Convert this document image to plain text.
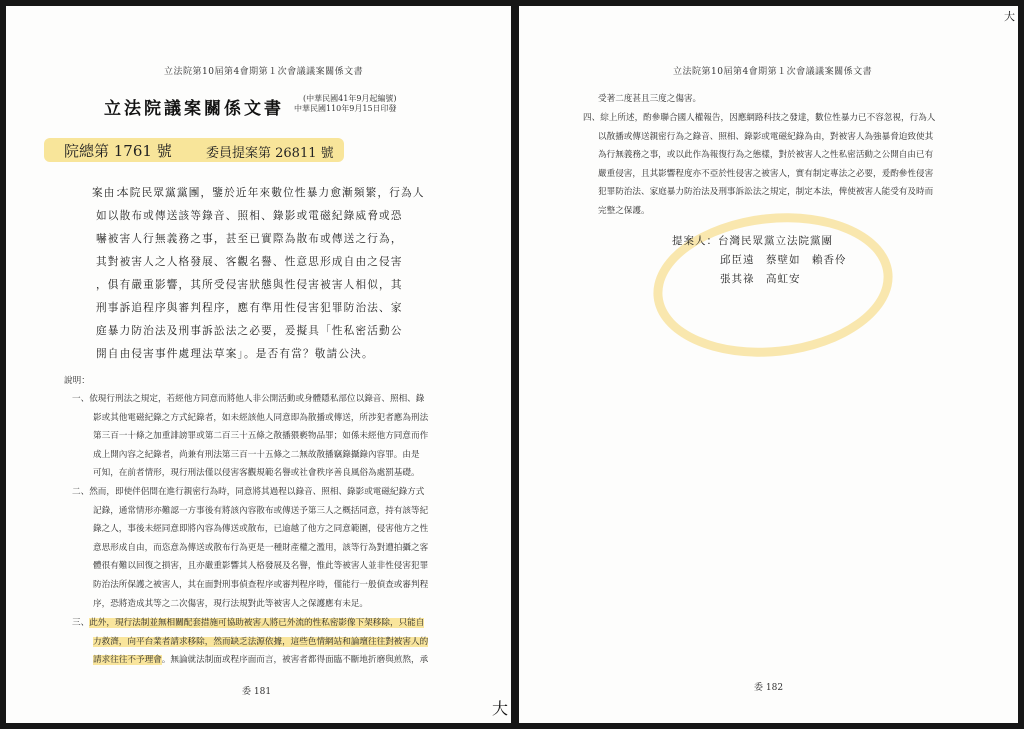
立法院第10屆第4會期第１次會議議案關係文書
立法院議案關係文書
(中華民國41年9月起編號)
中華民國110年9月15日印發
院總第 1761 號	委員提案第 26811 號
案由：
本院民眾黨黨團，鑒於近年來數位性暴力愈漸頻繁，行為人
如以散布或傳送該等錄音、照相、錄影或電磁紀錄威脅或恐
嚇被害人行無義務之事，甚至已實際為散布或傳送之行為，
其對被害人之人格發展、客觀名譽、性意思形成自由之侵害
，俱有嚴重影響，其所受侵害狀態與性侵害被害人相似，其
刑事訴追程序與審判程序，應有準用性侵害犯罪防治法、家
庭暴力防治法及刑事訴訟法之必要，爰擬具「性私密活動公
開自由侵害事件處理法草案」。是否有當？敬請公決。
說明：
一、依現行刑法之規定，若經他方同意而將他人非公開活動或身體隱私部位以錄音、照相、錄
影或其他電磁紀錄之方式紀錄者，如未經該他人同意即為散播或傳送，所涉犯者應為刑法
第三百一十條之加重誹謗罪或第二百三十五條之散播猥褻物品罪；如係未經他方同意而作
成上開內容之紀錄者，尚兼有刑法第三百一十五條之二無故散播竊錄攝錄內容罪。由是
可知，在前者情形，現行刑法僅以侵害客觀規範名譽或社會秩序善良風俗為處罰基礎。
二、然而，即使伴侶間在進行親密行為時，同意將其過程以錄音、照相、錄影或電磁紀錄方式
記錄，通常情形亦難認一方事後有將該內容散布或傳送予第三人之概括同意，持有該等紀
錄之人，事後未經同意即將內容為傳送或散布，已逾越了他方之同意範圍，侵害他方之性
意思形成自由，而恣意為傳送或散布行為更是一種財產權之濫用，該等行為對遭拍攝之客
體很有難以回復之損害，且亦嚴重影響其人格發展及名譽，惟此等被害人並非性侵害犯罪
防治法所保護之被害人，其在面對刑事偵查程序或審判程序時，僅能行一般偵查或審判程
序，恐將造成其等之二次傷害，現行法規對此等被害人之保護應有未足。
三、此外，現行法制並無相關配套措施可協助被害人將已外流的性私密影像下架移除，只能自
力救濟，向平台業者請求移除，然而缺乏法源依據，這些色情網站和論壇往往對被害人的
請求往往不予理會。無論就法制面或程序面而言，被害者都得面臨不斷地折磨與煎熬，承
委 181
大
大
立法院第10屆第4會期第１次會議議案關係文書
受著二度甚且三度之傷害。
四、綜上所述，酌參聯合國人權報告，因應網路科技之發達，數位性暴力已不容忽視，行為人
以散播或傳送親密行為之錄音、照相、錄影或電磁紀錄為由，對被害人為強暴脅迫致使其
為行無義務之事，或以此作為報復行為之態樣，對於被害人之性私密活動之公開自由已有
嚴重侵害，且其影響程度亦不亞於性侵害之被害人，實有制定專法之必要，爰酌參性侵害
犯罪防治法、家庭暴力防治法及刑事訴訟法之規定，制定本法，俾使被害人能受有及時而
完整之保護。
提案人：台灣民眾黨立法院黨團
邱臣遠　蔡壁如　賴香伶
張其祿　高虹安
委 182
